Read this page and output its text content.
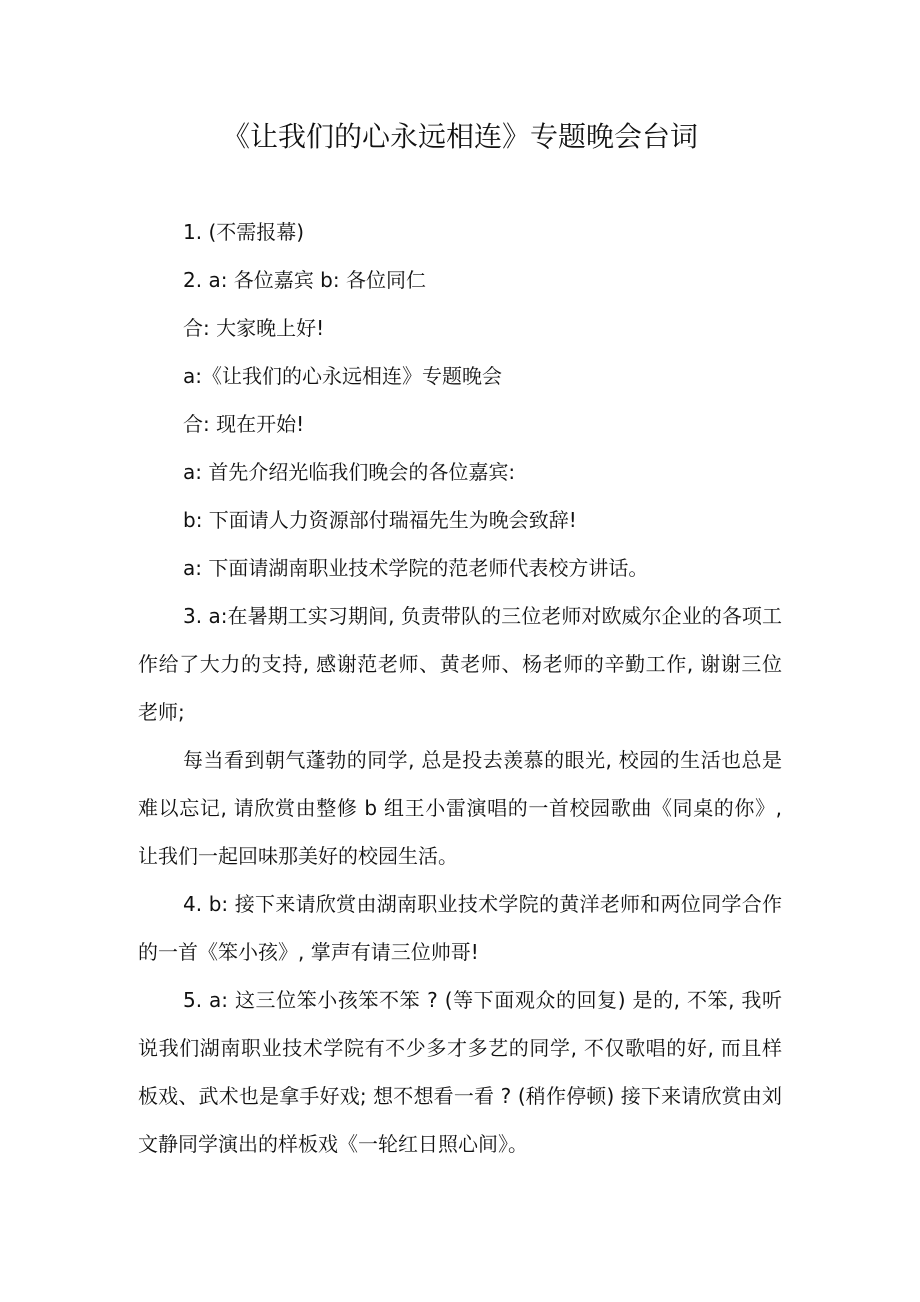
《让我们的心永远相连》专题晚会台词

1. (不需报幕)

2. a: 各位嘉宾 b: 各位同仁

合: 大家晚上好!

a:《让我们的心永远相连》专题晚会

合: 现在开始!

a: 首先介绍光临我们晚会的各位嘉宾:

b: 下面请人力资源部付瑞福先生为晚会致辞!

a: 下面请湖南职业技术学院的范老师代表校方讲话。

3. a:在暑期工实习期间, 负责带队的三位老师对欧威尔企业的各项工作给了大力的支持, 感谢范老师、黄老师、杨老师的辛勤工作, 谢谢三位老师;

每当看到朝气蓬勃的同学, 总是投去羡慕的眼光, 校园的生活也总是难以忘记, 请欣赏由整修 b 组王小雷演唱的一首校园歌曲《同桌的你》, 让我们一起回味那美好的校园生活。

4. b: 接下来请欣赏由湖南职业技术学院的黄洋老师和两位同学合作的一首《笨小孩》, 掌声有请三位帅哥!

5. a: 这三位笨小孩笨不笨 ? (等下面观众的回复) 是的, 不笨, 我听说我们湖南职业技术学院有不少多才多艺的同学, 不仅歌唱的好, 而且样板戏、武术也是拿手好戏; 想不想看一看 ? (稍作停顿) 接下来请欣赏由刘文静同学演出的样板戏《一轮红日照心间》。
